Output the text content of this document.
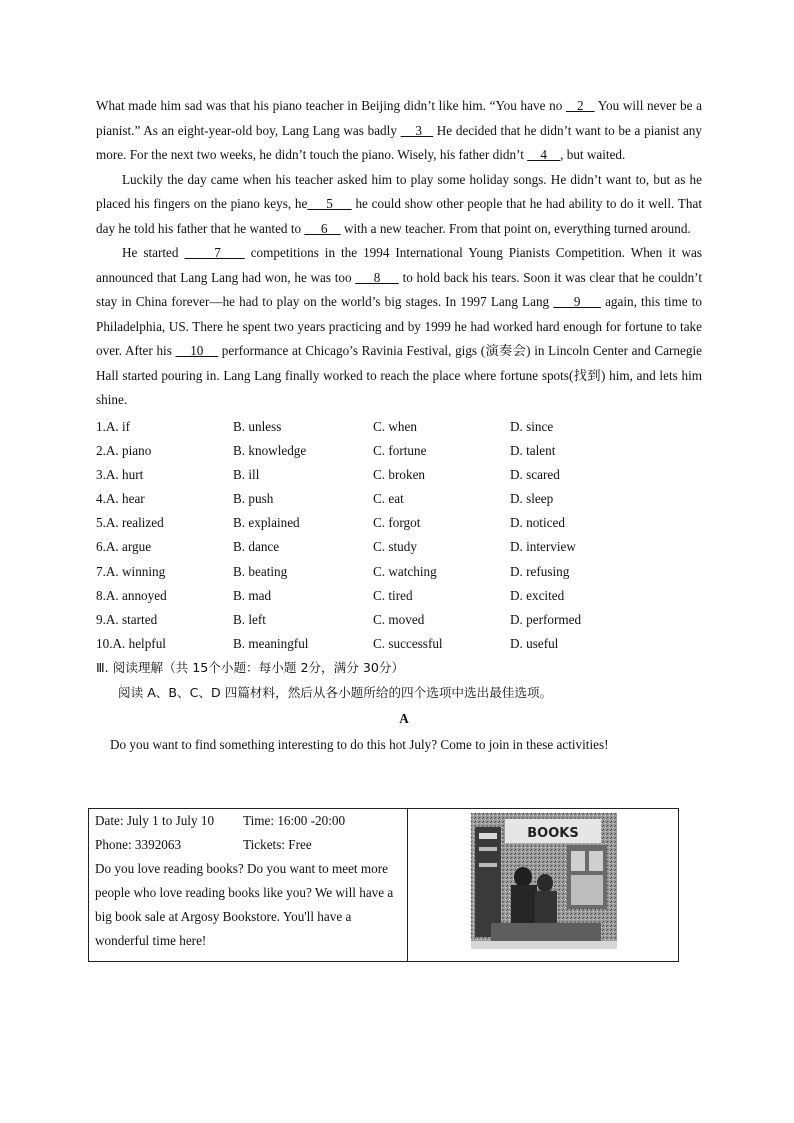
What made him sad was that his piano teacher in Beijing didn’t like him. “You have no    2    You will never be a pianist.” As an eight-year-old boy, Lang Lang was badly     3    He decided that he didn’t want to be a pianist any more. For the next two weeks, he didn’t touch the piano. Wisely, his father didn’t     4    , but waited.

Luckily the day came when his teacher asked him to play some holiday songs. He didn’t want to, but as he placed his fingers on the piano keys, he     5      he could show other people that he had ability to do it well. That day he told his father that he wanted to      6     with a new teacher. From that point on, everything turned around.

He started      7     competitions in the 1994 International Young Pianists Competition. When it was announced that Lang Lang had won, he was too      8      to hold back his tears. Soon it was clear that he couldn’t stay in China forever—he had to play on the world’s big stages. In 1997 Lang Lang      9      again, this time to Philadelphia, US. There he spent two years practicing and by 1999 he had worked hard enough for fortune to take over. After his     10     performance at Chicago’s Ravinia Festival, gigs (演奏会) in Lincoln Center and Carnegie Hall started pouring in. Lang Lang finally worked to reach the place where fortune spots(找到) him, and lets him shine.

1.A. if	B. unless	C. when	D. since
2.A. piano	B. knowledge	C. fortune	D. talent
3.A. hurt	B. ill	C. broken	D. scared
4.A. hear	B. push	C. eat	D. sleep
5.A. realized	B. explained	C. forgot	D. noticed
6.A. argue	B. dance	C. study	D. interview
7.A. winning	B. beating	C. watching	D. refusing
8.A. annoyed	B. mad	C. tired	D. excited
9.A. started	B. left	C. moved	D. performed
10.A. helpful	B. meaningful	C. successful	D. useful
Ⅲ. 阅读理解（共 15个小题：每小题 2分，满分 30分）
阅读 A、B、C、D 四篇材料，然后从各小题所给的四个选项中选出最佳选项。
A
Do you want to find something interesting to do this hot July? Come to join in these activities!
Date: July 1 to July 10	Time: 16:00 -20:00
Phone: 3392063	Tickets: Free
Do you love reading books? Do you want to meet more people who love reading books like you? We will have a big book sale at Argosy Bookstore. You'll have a wonderful time here!
BOOKS
